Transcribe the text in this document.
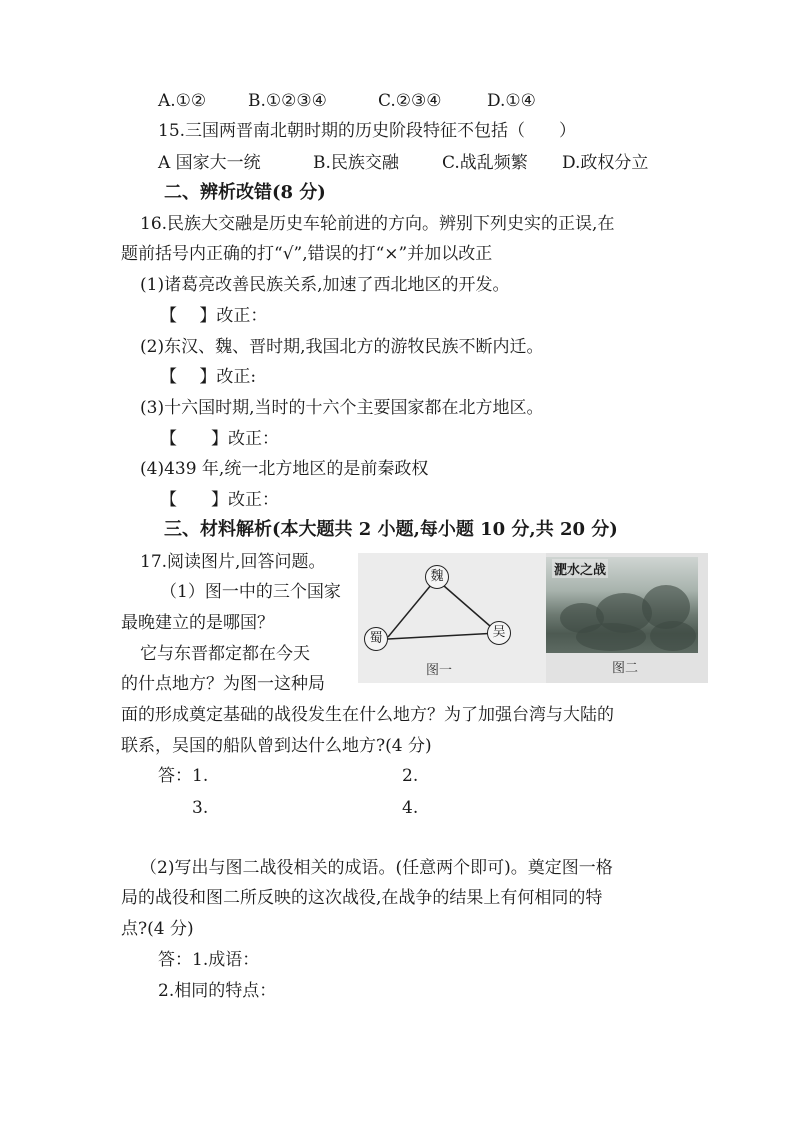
A.①② B.①②③④	C.②③④	D.①④
15.三国两晋南北朝时期的历史阶段特征不包括（　　）
A 国家大一统	B.民族交融	C.战乱频繁 D.政权分立
二、辨析改错(8 分)
16.民族大交融是历史车轮前进的方向。辨别下列史实的正误,在
题前括号内正确的打“√”,错误的打“×”并加以改正
(1)诸葛亮改善民族关系,加速了西北地区的开发。
【　 】改正：
(2)东汉、魏、晋时期,我国北方的游牧民族不断内迁。
【　 】改正:
(3)十六国时期,当时的十六个主要国家都在北方地区。
【　　】改正：
(4)439 年,统一北方地区的是前秦政权
【　　】改正：
三、材料解析(本大题共 2 小题,每小题 10 分,共 20 分)
17.阅读图片,回答问题。
（1）图一中的三个国家
最晚建立的是哪国？
它与东晋都定都在今天
的什点地方？为图一这种局
面的形成奠定基础的战役发生在什么地方？为了加强台湾与大陆的
联系，吴国的船队曾到达什么地方?(4 分)
答：1.	2.
3.	4.
（2)写出与图二战役相关的成语。(任意两个即可)。奠定图一格
局的战役和图二所反映的这次战役,在战争的结果上有何相同的特
点?(4 分)
答：1.成语：
2.相同的特点：
魏
蜀	吴
图一
淝水之战
图二
